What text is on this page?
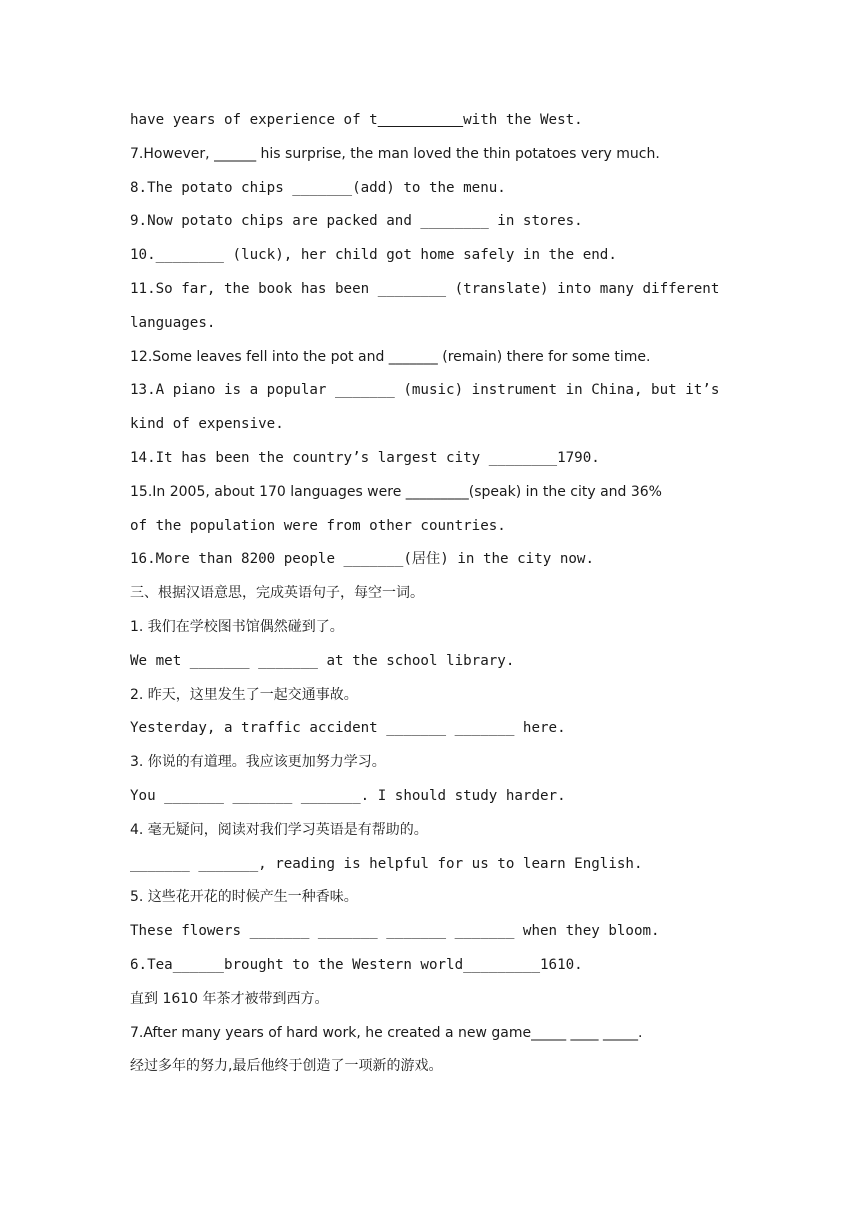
have years of experience of t	with the West.
7.However, ______ his surprise, the man loved the thin potatoes very much.
8.The potato chips _______(add) to the menu.
9.Now potato chips are packed and ________ in stores.
10.________ (luck), her child got home safely in the end.
11.So far, the book has been ________ (translate) into many different
languages.
12.Some leaves fell into the pot and _______ (remain) there for some time.
13.A piano is a popular _______ (music) instrument in China, but it’s
kind of expensive.
14.It has been the country’s largest city ________1790.
15.In 2005, about 170 languages were _________(speak) in the city and 36%
of the population were from other countries.
16.More than 8200 people _______(居住) in the city now.
三、根据汉语意思，完成英语句子，每空一词。
1. 我们在学校图书馆偶然碰到了。
We met _______ _______ at the school library.
2. 昨天，这里发生了一起交通事故。
Yesterday, a traffic accident _______ _______ here.
3. 你说的有道理。我应该更加努力学习。
You _______ _______ _______. I should study harder.
4. 毫无疑问，阅读对我们学习英语是有帮助的。
_______ _______, reading is helpful for us to learn English.
5. 这些花开花的时候产生一种香味。
These flowers _______ _______ _______ _______ when they bloom.
6.Tea______brought to the Western world_________1610.
直到 1610 年茶才被带到西方。
7.After many years of hard work, he created a new game_____ ____ _____.
经过多年的努力,最后他终于创造了一项新的游戏。
